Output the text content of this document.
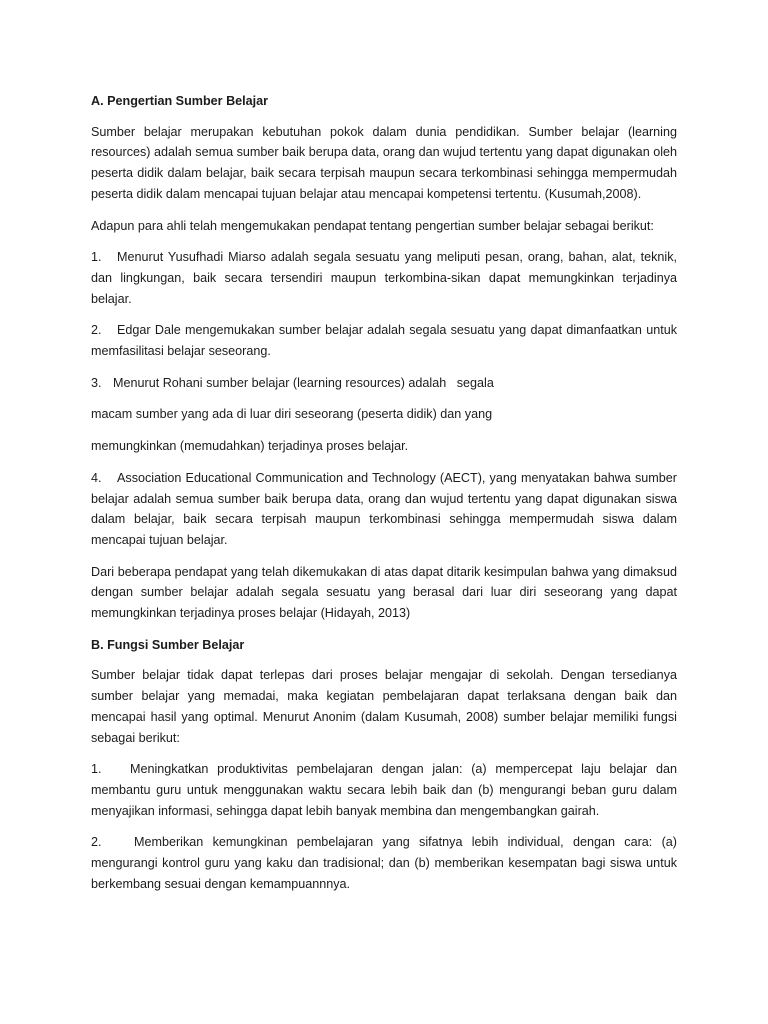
A. Pengertian Sumber Belajar

Sumber belajar merupakan kebutuhan pokok dalam dunia pendidikan. Sumber belajar (learning resources) adalah semua sumber baik berupa data, orang dan wujud tertentu yang dapat digunakan oleh peserta didik dalam belajar, baik secara terpisah maupun secara terkombinasi sehingga mempermudah peserta didik dalam mencapai tujuan belajar atau mencapai kompetensi tertentu. (Kusumah,2008).

Adapun para ahli telah mengemukakan pendapat tentang pengertian sumber belajar sebagai berikut:

1. Menurut Yusufhadi Miarso adalah segala sesuatu yang meliputi pesan, orang, bahan, alat, teknik, dan lingkungan, baik secara tersendiri maupun terkombina-sikan dapat memungkinkan terjadinya belajar.

2. Edgar Dale mengemukakan sumber belajar adalah segala sesuatu yang dapat dimanfaatkan untuk memfasilitasi belajar seseorang.

3. Menurut Rohani sumber belajar (learning resources) adalah   segala

macam sumber yang ada di luar diri seseorang (peserta didik) dan yang

memungkinkan (memudahkan) terjadinya proses belajar.

4. Association Educational Communication and Technology (AECT), yang menyatakan bahwa sumber belajar adalah semua sumber baik berupa data, orang dan wujud tertentu yang dapat digunakan siswa dalam belajar, baik secara terpisah maupun terkombinasi sehingga mempermudah siswa dalam mencapai tujuan belajar.

Dari beberapa pendapat yang telah dikemukakan di atas dapat ditarik kesimpulan bahwa yang dimaksud dengan sumber belajar adalah segala sesuatu yang berasal dari luar diri seseorang yang dapat memungkinkan terjadinya proses belajar (Hidayah, 2013)

B. Fungsi Sumber Belajar

Sumber belajar tidak dapat terlepas dari proses belajar mengajar di sekolah. Dengan tersedianya sumber belajar yang memadai, maka kegiatan pembelajaran dapat terlaksana dengan baik dan mencapai hasil yang optimal. Menurut Anonim (dalam Kusumah, 2008) sumber belajar memiliki fungsi sebagai berikut:

1. Meningkatkan produktivitas pembelajaran dengan jalan: (a) mempercepat laju belajar dan membantu guru untuk menggunakan waktu secara lebih baik dan (b) mengurangi beban guru dalam menyajikan informasi, sehingga dapat lebih banyak membina dan mengembangkan gairah.

2.	Memberikan kemungkinan pembelajaran yang sifatnya lebih individual, dengan cara: (a) mengurangi kontrol guru yang kaku dan tradisional; dan (b) memberikan kesempatan bagi siswa untuk berkembang sesuai dengan kemampuannnya.
